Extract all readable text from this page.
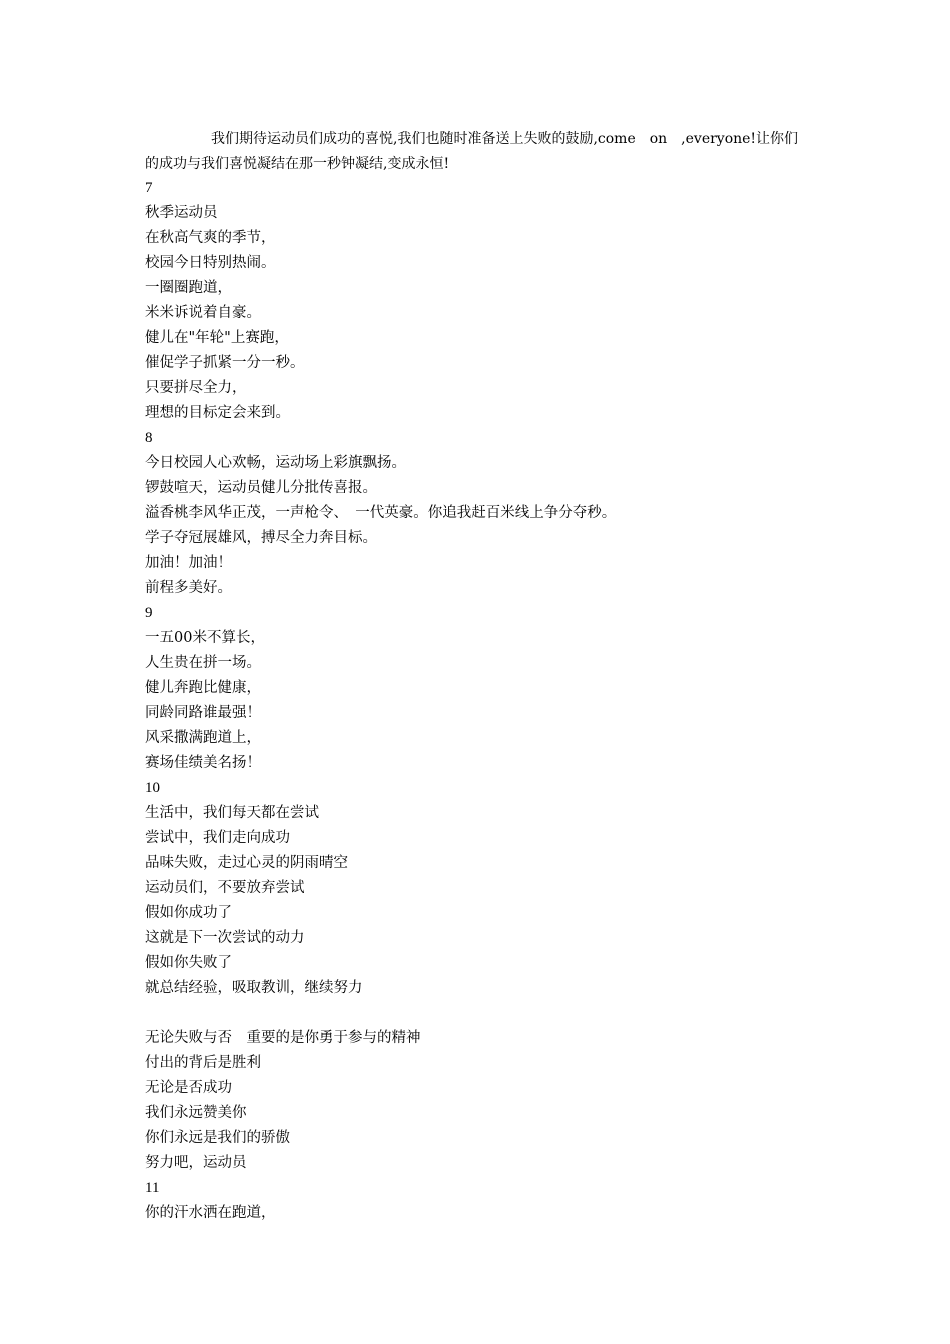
我们期待运动员们成功的喜悦,我们也随时准备送上失败的鼓励,come　on　,everyone!让你们的成功与我们喜悦凝结在那一秒钟凝结,变成永恒!

7
秋季运动员
在秋高气爽的季节，
校园今日特别热闹。
一圈圈跑道，
米米诉说着自豪。
健儿在"年轮"上赛跑，
催促学子抓紧一分一秒。
只要拼尽全力，
理想的目标定会来到。
8
今日校园人心欢畅，运动场上彩旗飘扬。
锣鼓喧天，运动员健儿分批传喜报。
溢香桃李风华正茂，一声枪令、　一代英豪。你追我赶百米线上争分夺秒。
学子夺冠展雄风，搏尽全力奔目标。
加油！加油！
前程多美好。
9
一五00米不算长，
人生贵在拼一场。
健儿奔跑比健康，
同龄同路谁最强！
风采撒满跑道上，
赛场佳绩美名扬！
10
生活中，我们每天都在尝试
尝试中，我们走向成功
品味失败，走过心灵的阴雨晴空
运动员们，不要放弃尝试
假如你成功了
这就是下一次尝试的动力
假如你失败了
就总结经验，吸取教训，继续努力
无论失败与否　重要的是你勇于参与的精神
付出的背后是胜利
无论是否成功
我们永远赞美你
你们永远是我们的骄傲
努力吧，运动员
11
你的汗水洒在跑道，
